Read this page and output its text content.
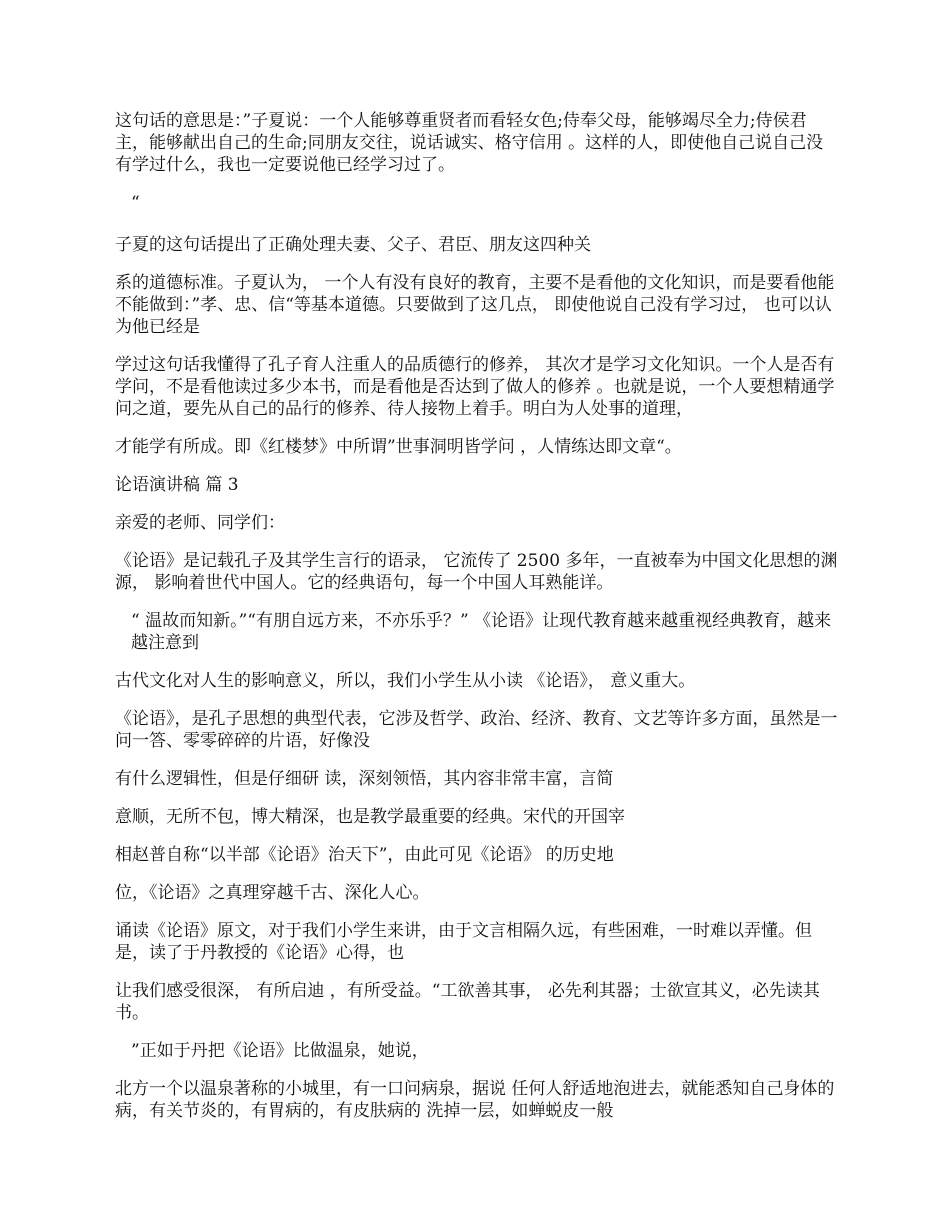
这句话的意思是：”子夏说：一个人能够尊重贤者而看轻女色;侍奉父母，能够竭尽全力;侍侯君主，能够献出自己的生命;同朋友交往，说话诚实、格守信用 。这样的人，即使他自己说自己没有学过什么，我也一定要说他已经学习过了。

“

子夏的这句话提出了正确处理夫妻、父子、君臣、朋友这四种关

系的道德标准。子夏认为， 一个人有没有良好的教育，主要不是看他的文化知识，而是要看他能 不能做到：”孝、忠、信“等基本道德。只要做到了这几点， 即使他说自己没有学习过， 也可以认为他已经是

学过这句话我懂得了孔子育人注重人的品质德行的修养， 其次才是学习文化知识。一个人是否有学问，不是看他读过多少本书，而是看他是否达到了做人的修养 。也就是说，一个人要想精通学问之道，要先从自己的品行的修养、待人接物上着手。明白为人处事的道理，

才能学有所成。即《红楼梦》中所谓”世事洞明皆学问 ，人情练达即文章“。

论语演讲稿 篇 3

亲爱的老师、同学们：

《论语》是记载孔子及其学生言行的语录， 它流传了 2500 多年，一直被奉为中国文化思想的渊源， 影响着世代中国人。它的经典语句，每一个中国人耳熟能详。

“ 温故而知新。”“有朋自远方来，不亦乐乎？” 《论语》让现代教育越来越重视经典教育，越来越注意到

古代文化对人生的影响意义，所以，我们小学生从小读 《论语》， 意义重大。

《论语》，是孔子思想的典型代表，它涉及哲学、政治、经济、教育、文艺等许多方面，虽然是一问一答、零零碎碎的片语，好像没

有什么逻辑性，但是仔细研 读，深刻领悟，其内容非常丰富，言简

意顺，无所不包，博大精深，也是教学最重要的经典。宋代的开国宰

相赵普自称“以半部《论语》治天下”，由此可见《论语》 的历史地

位，《论语》之真理穿越千古、深化人心。

诵读《论语》原文，对于我们小学生来讲，由于文言相隔久远，有些困难，一时难以弄懂。但是，读了于丹教授的《论语》心得，也

让我们感受很深， 有所启迪 ，有所受益。“工欲善其事， 必先利其器；士欲宣其义，必先读其书。

”正如于丹把《论语》比做温泉，她说，

北方一个以温泉著称的小城里，有一口问病泉，据说 任何人舒适地泡进去，就能悉知自己身体的病，有关节炎的，有胃病的，有皮肤病的 洗掉一层，如蝉蜕皮一般
